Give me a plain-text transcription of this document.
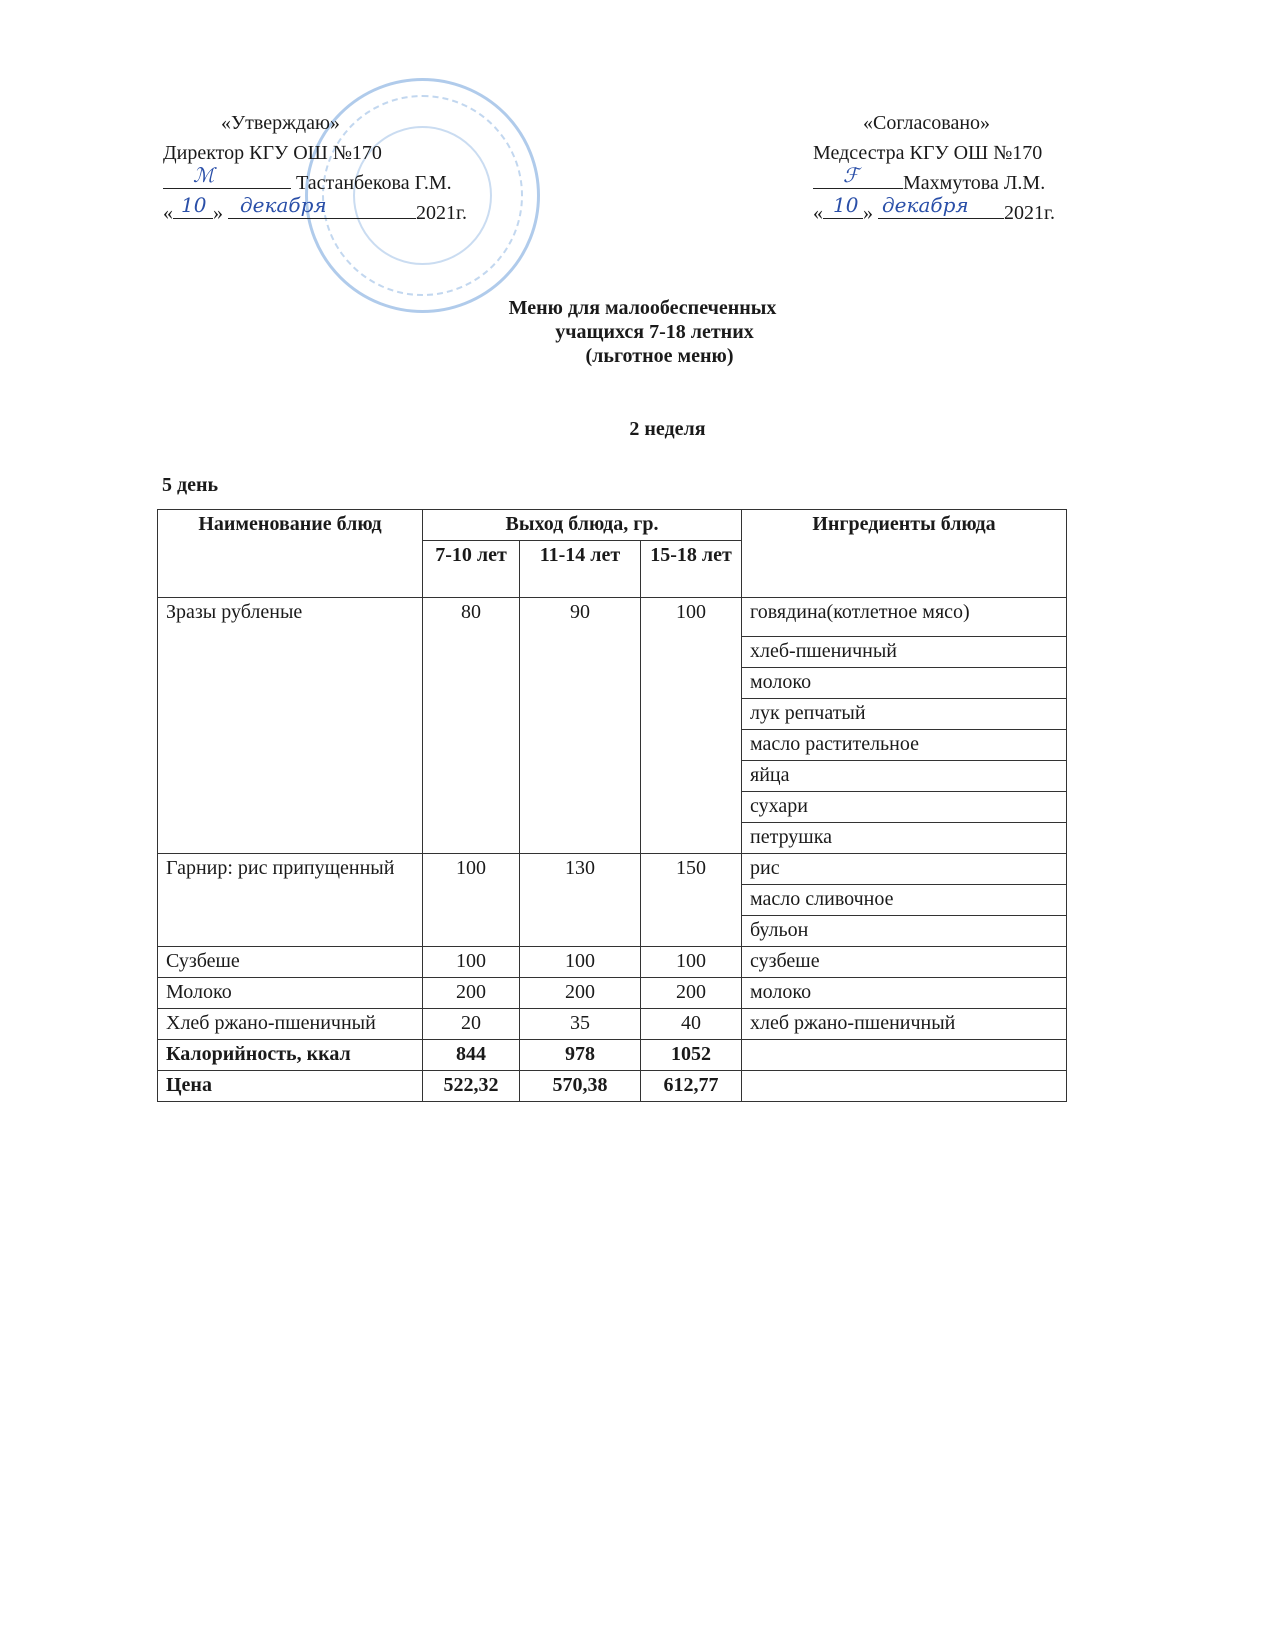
«Утверждаю»
Директор КГУ ОШ №170
ℳ	Тастанбекова Г.М.
« 10 » декабря	2021г.
«Согласовано»
Медсестра КГУ ОШ №170
ℱ Махмутова Л.М.
« 10 » декабря 2021г.
Меню для малообеспеченных
учащихся 7-18 летних
(льготное меню)
2 неделя
5 день
Наименование блюд	Выход блюда, гр.			Ингредиенты блюда
	7-10 лет	11-14 лет	15-18 лет	
Зразы рубленые	80	90	100	говядина(котлетное мясо)
				хлеб-пшеничный
				молоко
				лук репчатый
				масло растительное
				яйца
				сухари
				петрушка
Гарнир: рис припущенный	100	130	150	рис
				масло сливочное
				бульон
Сузбеше	100	100	100	сузбеше
Молоко	200	200	200	молоко
Хлеб ржано-пшеничный	20	35	40	хлеб ржано-пшеничный
Калорийность, ккал	844	978	1052	
Цена	522,32	570,38	612,77	
